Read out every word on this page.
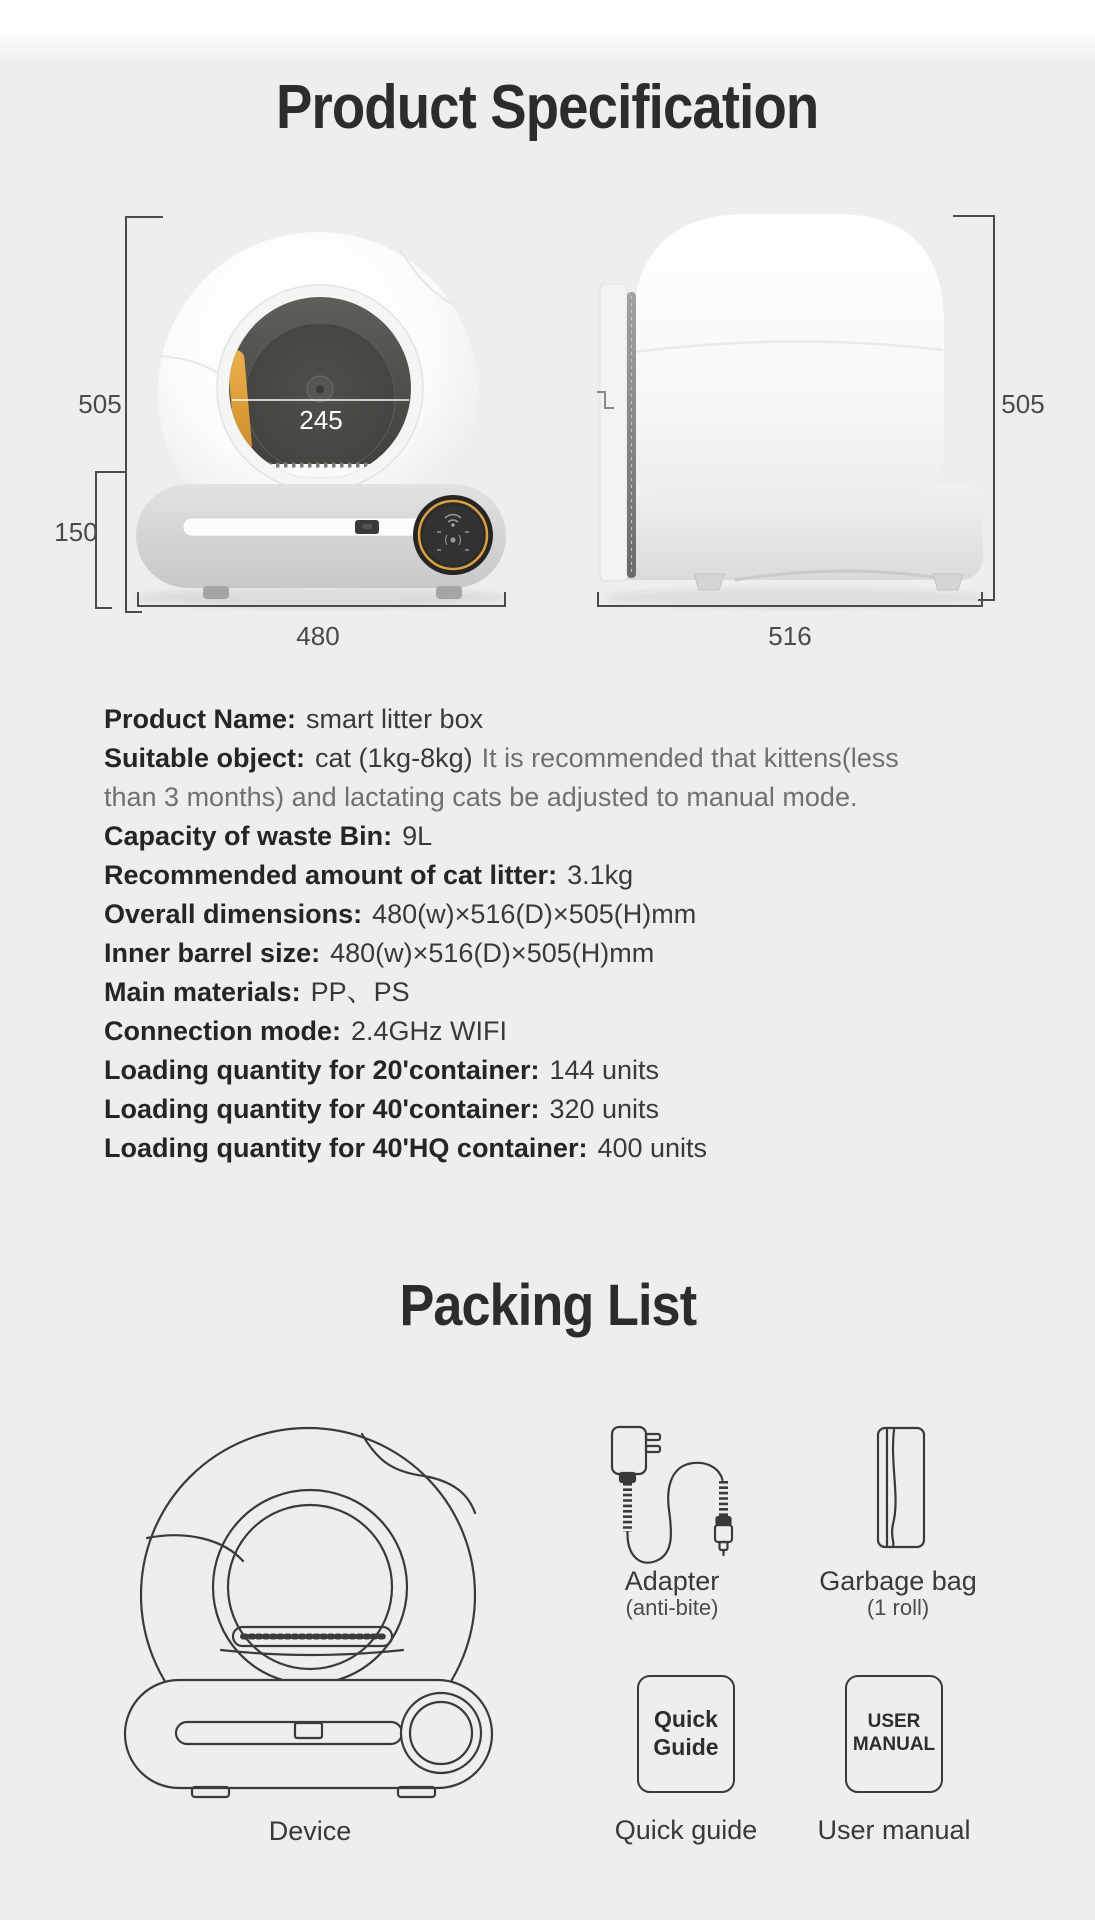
Product Specification
505
150
245
480	516
505
Product Name: smart litter box
Suitable object: cat (1kg-8kg) It is recommended that kittens(less
than 3 months) and lactating cats be adjusted to manual mode.
Capacity of waste Bin: 9L
Recommended amount of cat litter: 3.1kg
Overall dimensions: 480(w)×516(D)×505(H)mm
Inner barrel size: 480(w)×516(D)×505(H)mm
Main materials: PP、PS
Connection mode: 2.4GHz WIFI
Loading quantity for 20'container: 144 units
Loading quantity for 40'container: 320 units
Loading quantity for 40'HQ container: 400 units
Packing List
Quick
Guide
USER
MANUAL
Adapter
(anti-bite)
Garbage bag
(1 roll)
Device	Quick guide	User manual
